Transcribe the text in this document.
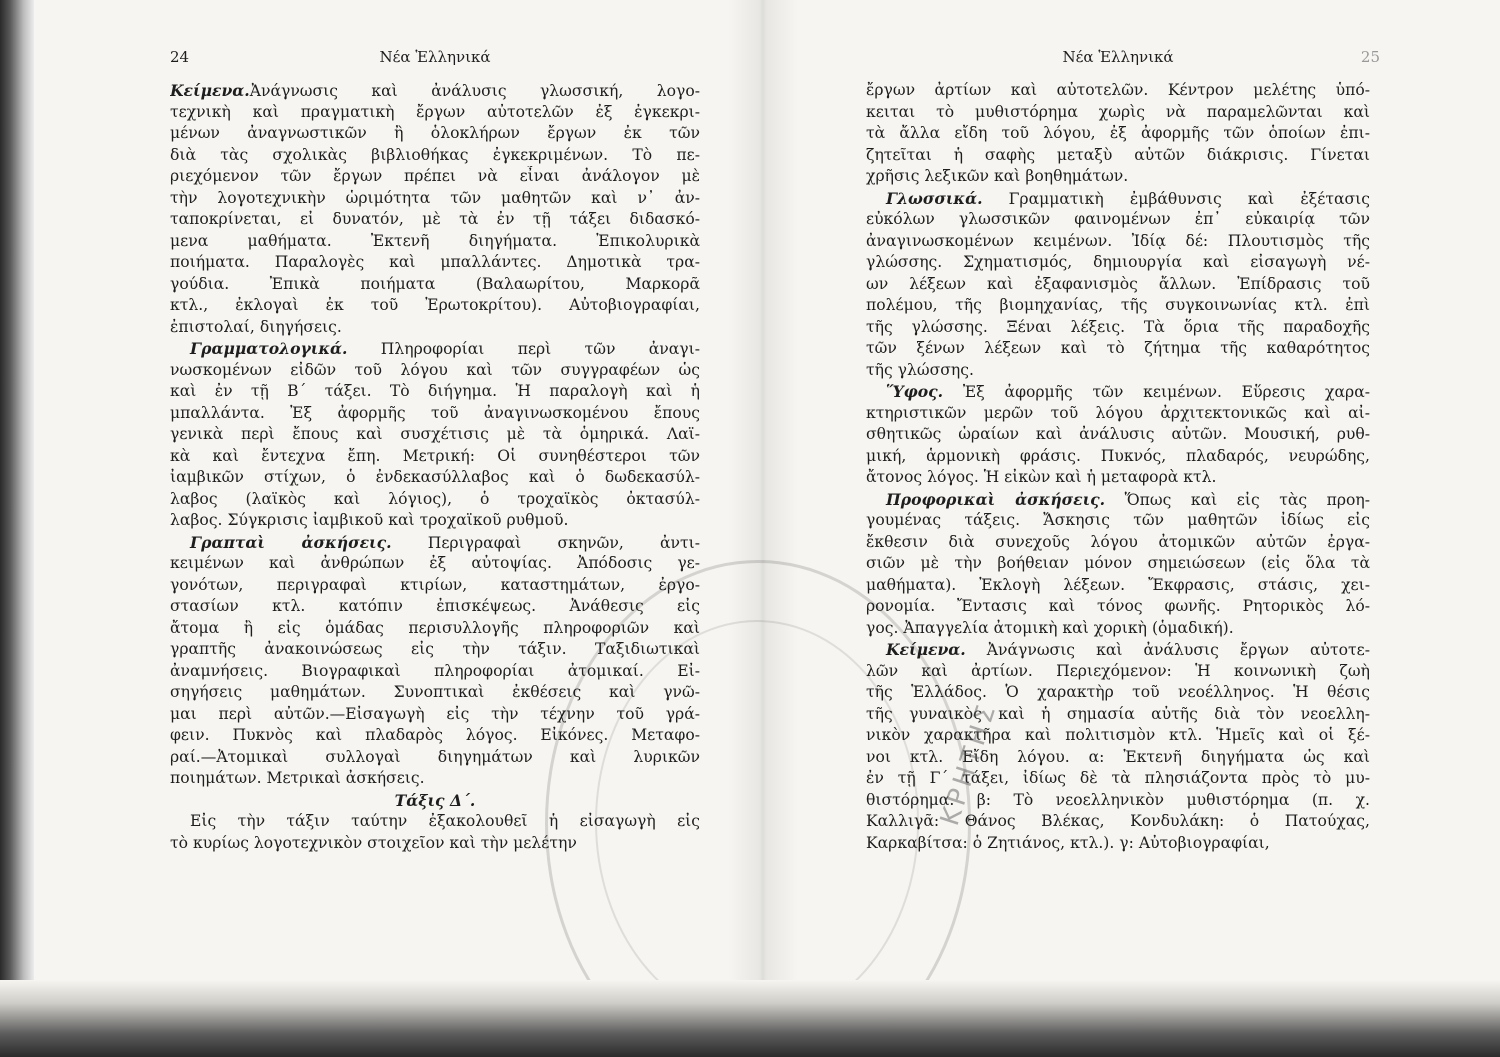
24	Νέα Ἑλληνικά
Κείμενα.Ἀνάγνωσις καὶ ἀνάλυσις γλωσσική, λογο-
τεχνικὴ καὶ πραγματικὴ ἔργων αὐτοτελῶν ἐξ ἐγκεκρι-
μένων ἀναγνωστικῶν ἢ ὁλοκλήρων ἔργων ἐκ τῶν
διὰ τὰς σχολικὰς βιβλιοθήκας ἐγκεκριμένων. Τὸ πε-
ριεχόμενον τῶν ἔργων πρέπει νὰ εἶναι ἀνάλογον μὲ
τὴν λογοτεχνικὴν ὡριμότητα τῶν μαθητῶν καὶ ν᾿ ἀν-
ταποκρίνεται, εἰ δυνατόν, μὲ τὰ ἐν τῇ τάξει διδασκό-
μενα μαθήματα. Ἐκτενῆ διηγήματα. Ἐπικολυρικὰ
ποιήματα. Παραλογὲς καὶ μπαλλάντες. Δημοτικὰ τρα-
γούδια. Ἐπικὰ ποιήματα (Βαλαωρίτου, Μαρκορᾶ
κτλ., ἐκλογαὶ ἐκ τοῦ Ἐρωτοκρίτου). Αὐτοβιογραφίαι,
ἐπιστολαί, διηγήσεις.
Γραμματολογικά. Πληροφορίαι περὶ τῶν ἀναγι-
νωσκομένων εἰδῶν τοῦ λόγου καὶ τῶν συγγραφέων ὡς
καὶ ἐν τῇ Β΄ τάξει. Τὸ διήγημα. Ἡ παραλογὴ καὶ ἡ
μπαλλάντα. Ἐξ ἀφορμῆς τοῦ ἀναγινωσκομένου ἔπους
γενικὰ περὶ ἔπους καὶ συσχέτισις μὲ τὰ ὁμηρικά. Λαϊ-
κὰ καὶ ἔντεχνα ἔπη. Μετρική: Οἱ συνηθέστεροι τῶν
ἰαμβικῶν στίχων, ὁ ἐνδεκασύλλαβος καὶ ὁ δωδεκασύλ-
λαβος (λαϊκὸς καὶ λόγιος), ὁ τροχαϊκὸς ὀκτασύλ-
λαβος. Σύγκρισις ἰαμβικοῦ καὶ τροχαϊκοῦ ρυθμοῦ.
Γραπταὶ ἀσκήσεις. Περιγραφαὶ σκηνῶν, ἀντι-
κειμένων καὶ ἀνθρώπων ἐξ αὐτοψίας. Ἀπόδοσις γε-
γονότων, περιγραφαὶ κτιρίων, καταστημάτων, ἐργο-
στασίων κτλ. κατόπιν ἐπισκέψεως. Ἀνάθεσις εἰς
ἄτομα ἢ εἰς ὁμάδας περισυλλογῆς πληροφοριῶν καὶ
γραπτῆς ἀνακοινώσεως εἰς τὴν τάξιν. Ταξιδιωτικαὶ
ἀναμνήσεις. Βιογραφικαὶ πληροφορίαι ἀτομικαί. Εἰ-
σηγήσεις μαθημάτων. Συνοπτικαὶ ἐκθέσεις καὶ γνῶ-
μαι περὶ αὐτῶν.—Εἰσαγωγὴ εἰς τὴν τέχνην τοῦ γρά-
φειν. Πυκνὸς καὶ πλαδαρὸς λόγος. Εἰκόνες. Μεταφο-
ραί.—Ἀτομικαὶ συλλογαὶ διηγημάτων καὶ λυρικῶν
ποιημάτων. Μετρικαὶ ἀσκήσεις.
Τάξις Δ΄.
Εἰς τὴν τάξιν ταύτην ἐξακολουθεῖ ἡ εἰσαγωγὴ εἰς
τὸ κυρίως λογοτεχνικὸν στοιχεῖον καὶ τὴν μελέτην
Νέα Ἑλληνικά	25
ἔργων ἀρτίων καὶ αὐτοτελῶν. Κέντρον μελέτης ὑπό-
κειται τὸ μυθιστόρημα χωρὶς νὰ παραμελῶνται καὶ
τὰ ἄλλα εἴδη τοῦ λόγου, ἐξ ἀφορμῆς τῶν ὁποίων ἐπι-
ζητεῖται ἡ σαφὴς μεταξὺ αὐτῶν διάκρισις. Γίνεται
χρῆσις λεξικῶν καὶ βοηθημάτων.
Γλωσσικά. Γραμματικὴ ἐμβάθυνσις καὶ ἐξέτασις
εὐκόλων γλωσσικῶν φαινομένων ἐπ᾿ εὐκαιρίᾳ τῶν
ἀναγινωσκομένων κειμένων. Ἰδίᾳ δέ: Πλουτισμὸς τῆς
γλώσσης. Σχηματισμός, δημιουργία καὶ εἰσαγωγὴ νέ-
ων λέξεων καὶ ἐξαφανισμὸς ἄλλων. Ἐπίδρασις τοῦ
πολέμου, τῆς βιομηχανίας, τῆς συγκοινωνίας κτλ. ἐπὶ
τῆς γλώσσης. Ξέναι λέξεις. Τὰ ὅρια τῆς παραδοχῆς
τῶν ξένων λέξεων καὶ τὸ ζήτημα τῆς καθαρότητος
τῆς γλώσσης.
Ὕφος. Ἐξ ἀφορμῆς τῶν κειμένων. Εὕρεσις χαρα-
κτηριστικῶν μερῶν τοῦ λόγου ἀρχιτεκτονικῶς καὶ αἰ-
σθητικῶς ὡραίων καὶ ἀνάλυσις αὐτῶν. Μουσική, ρυθ-
μική, ἁρμονικὴ φράσις. Πυκνός, πλαδαρός, νευρώδης,
ἄτονος λόγος. Ἡ εἰκὼν καὶ ἡ μεταφορὰ κτλ.
Προφορικαὶ ἀσκήσεις. Ὅπως καὶ εἰς τὰς προη-
γουμένας τάξεις. Ἄσκησις τῶν μαθητῶν ἰδίως εἰς
ἔκθεσιν διὰ συνεχοῦς λόγου ἀτομικῶν αὐτῶν ἐργα-
σιῶν μὲ τὴν βοήθειαν μόνον σημειώσεων (εἰς ὅλα τὰ
μαθήματα). Ἐκλογὴ λέξεων. Ἔκφρασις, στάσις, χει-
ρονομία. Ἔντασις καὶ τόνος φωνῆς. Ρητορικὸς λό-
γος. Ἀπαγγελία ἀτομικὴ καὶ χορικὴ (ὁμαδική).
Κείμενα. Ἀνάγνωσις καὶ ἀνάλυσις ἔργων αὐτοτε-
λῶν καὶ ἀρτίων. Περιεχόμενον: Ἡ κοινωνικὴ ζωὴ
τῆς Ἑλλάδος. Ὁ χαρακτὴρ τοῦ νεοέλληνος. Ἡ θέσις
τῆς γυναικὸς καὶ ἡ σημασία αὐτῆς διὰ τὸν νεοελλη-
νικὸν χαρακτῆρα καὶ πολιτισμὸν κτλ. Ἡμεῖς καὶ οἱ ξέ-
νοι κτλ. Εἴδη λόγου. α: Ἐκτενῆ διηγήματα ὡς καὶ
ἐν τῇ Γ΄ τάξει, ἰδίως δὲ τὰ πλησιάζοντα πρὸς τὸ μυ-
θιστόρημα. β: Τὸ νεοελληνικὸν μυθιστόρημα (π. χ.
Καλλιγᾶ: Θάνος Βλέκας, Κονδυλάκη: ὁ Πατούχας,
Καρκαβίτσα: ὁ Ζητιάνος, κτλ.). γ: Αὐτοβιογραφίαι,
ΚΡΗΤΗΣ
